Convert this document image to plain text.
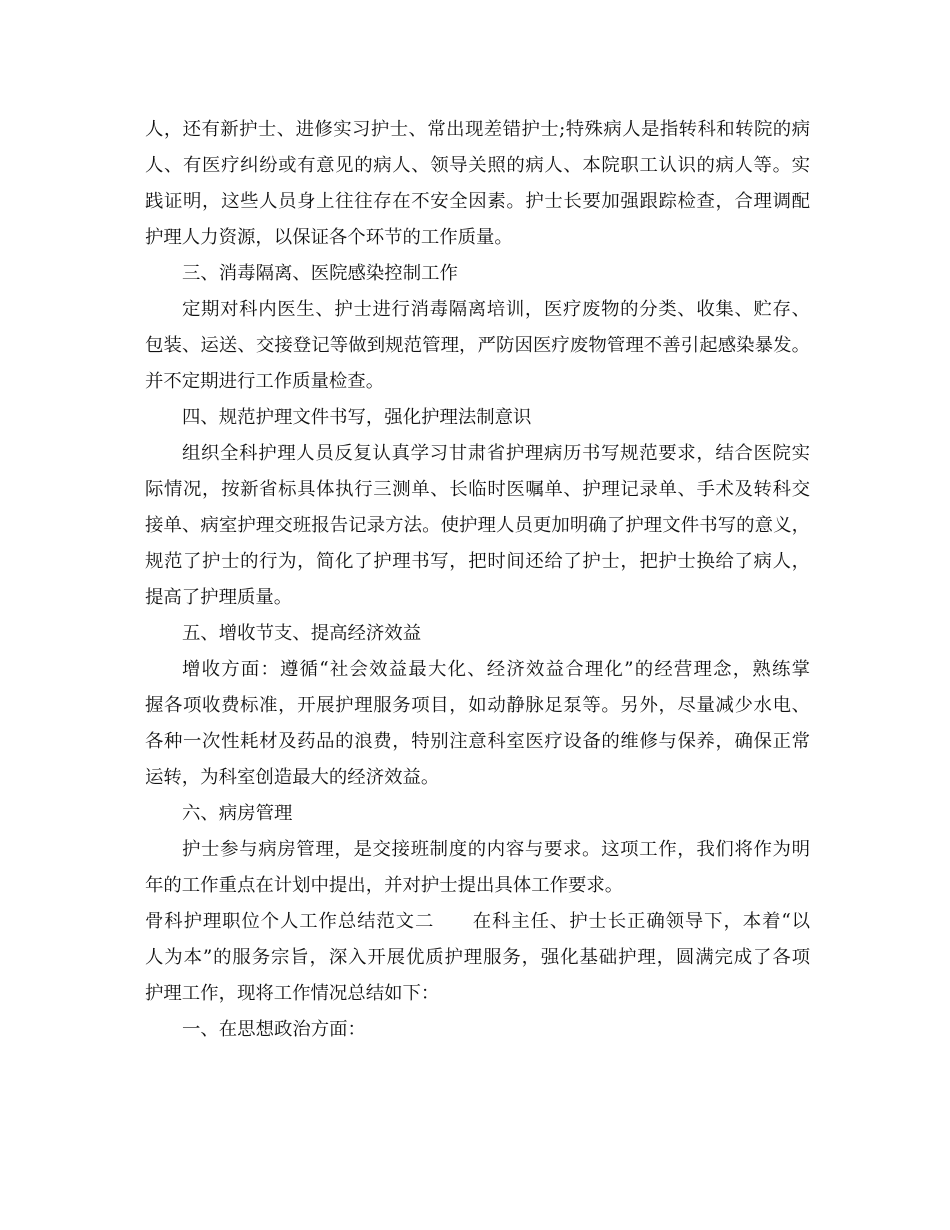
人，还有新护士、进修实习护士、常出现差错护士;特殊病人是指转科和转院的病
人、有医疗纠纷或有意见的病人、领导关照的病人、本院职工认识的病人等。实
践证明，这些人员身上往往存在不安全因素。护士长要加强跟踪检查，合理调配
护理人力资源，以保证各个环节的工作质量。
三、消毒隔离、医院感染控制工作
定期对科内医生、护士进行消毒隔离培训，医疗废物的分类、收集、贮存、
包装、运送、交接登记等做到规范管理，严防因医疗废物管理不善引起感染暴发。
并不定期进行工作质量检查。
四、规范护理文件书写，强化护理法制意识
组织全科护理人员反复认真学习甘肃省护理病历书写规范要求，结合医院实
际情况，按新省标具体执行三测单、长临时医嘱单、护理记录单、手术及转科交
接单、病室护理交班报告记录方法。使护理人员更加明确了护理文件书写的意义，
规范了护士的行为，简化了护理书写，把时间还给了护士，把护士换给了病人，
提高了护理质量。
五、增收节支、提高经济效益
增收方面：遵循“社会效益最大化、经济效益合理化”的经营理念，熟练掌
握各项收费标准，开展护理服务项目，如动静脉足泵等。另外，尽量减少水电、
各种一次性耗材及药品的浪费，特别注意科室医疗设备的维修与保养，确保正常
运转，为科室创造最大的经济效益。
六、病房管理
护士参与病房管理，是交接班制度的内容与要求。这项工作，我们将作为明
年的工作重点在计划中提出，并对护士提出具体工作要求。
骨科护理职位个人工作总结范文二　　在科主任、护士长正确领导下，本着“以
人为本”的服务宗旨，深入开展优质护理服务，强化基础护理，圆满完成了各项
护理工作，现将工作情况总结如下：
一、在思想政治方面：
